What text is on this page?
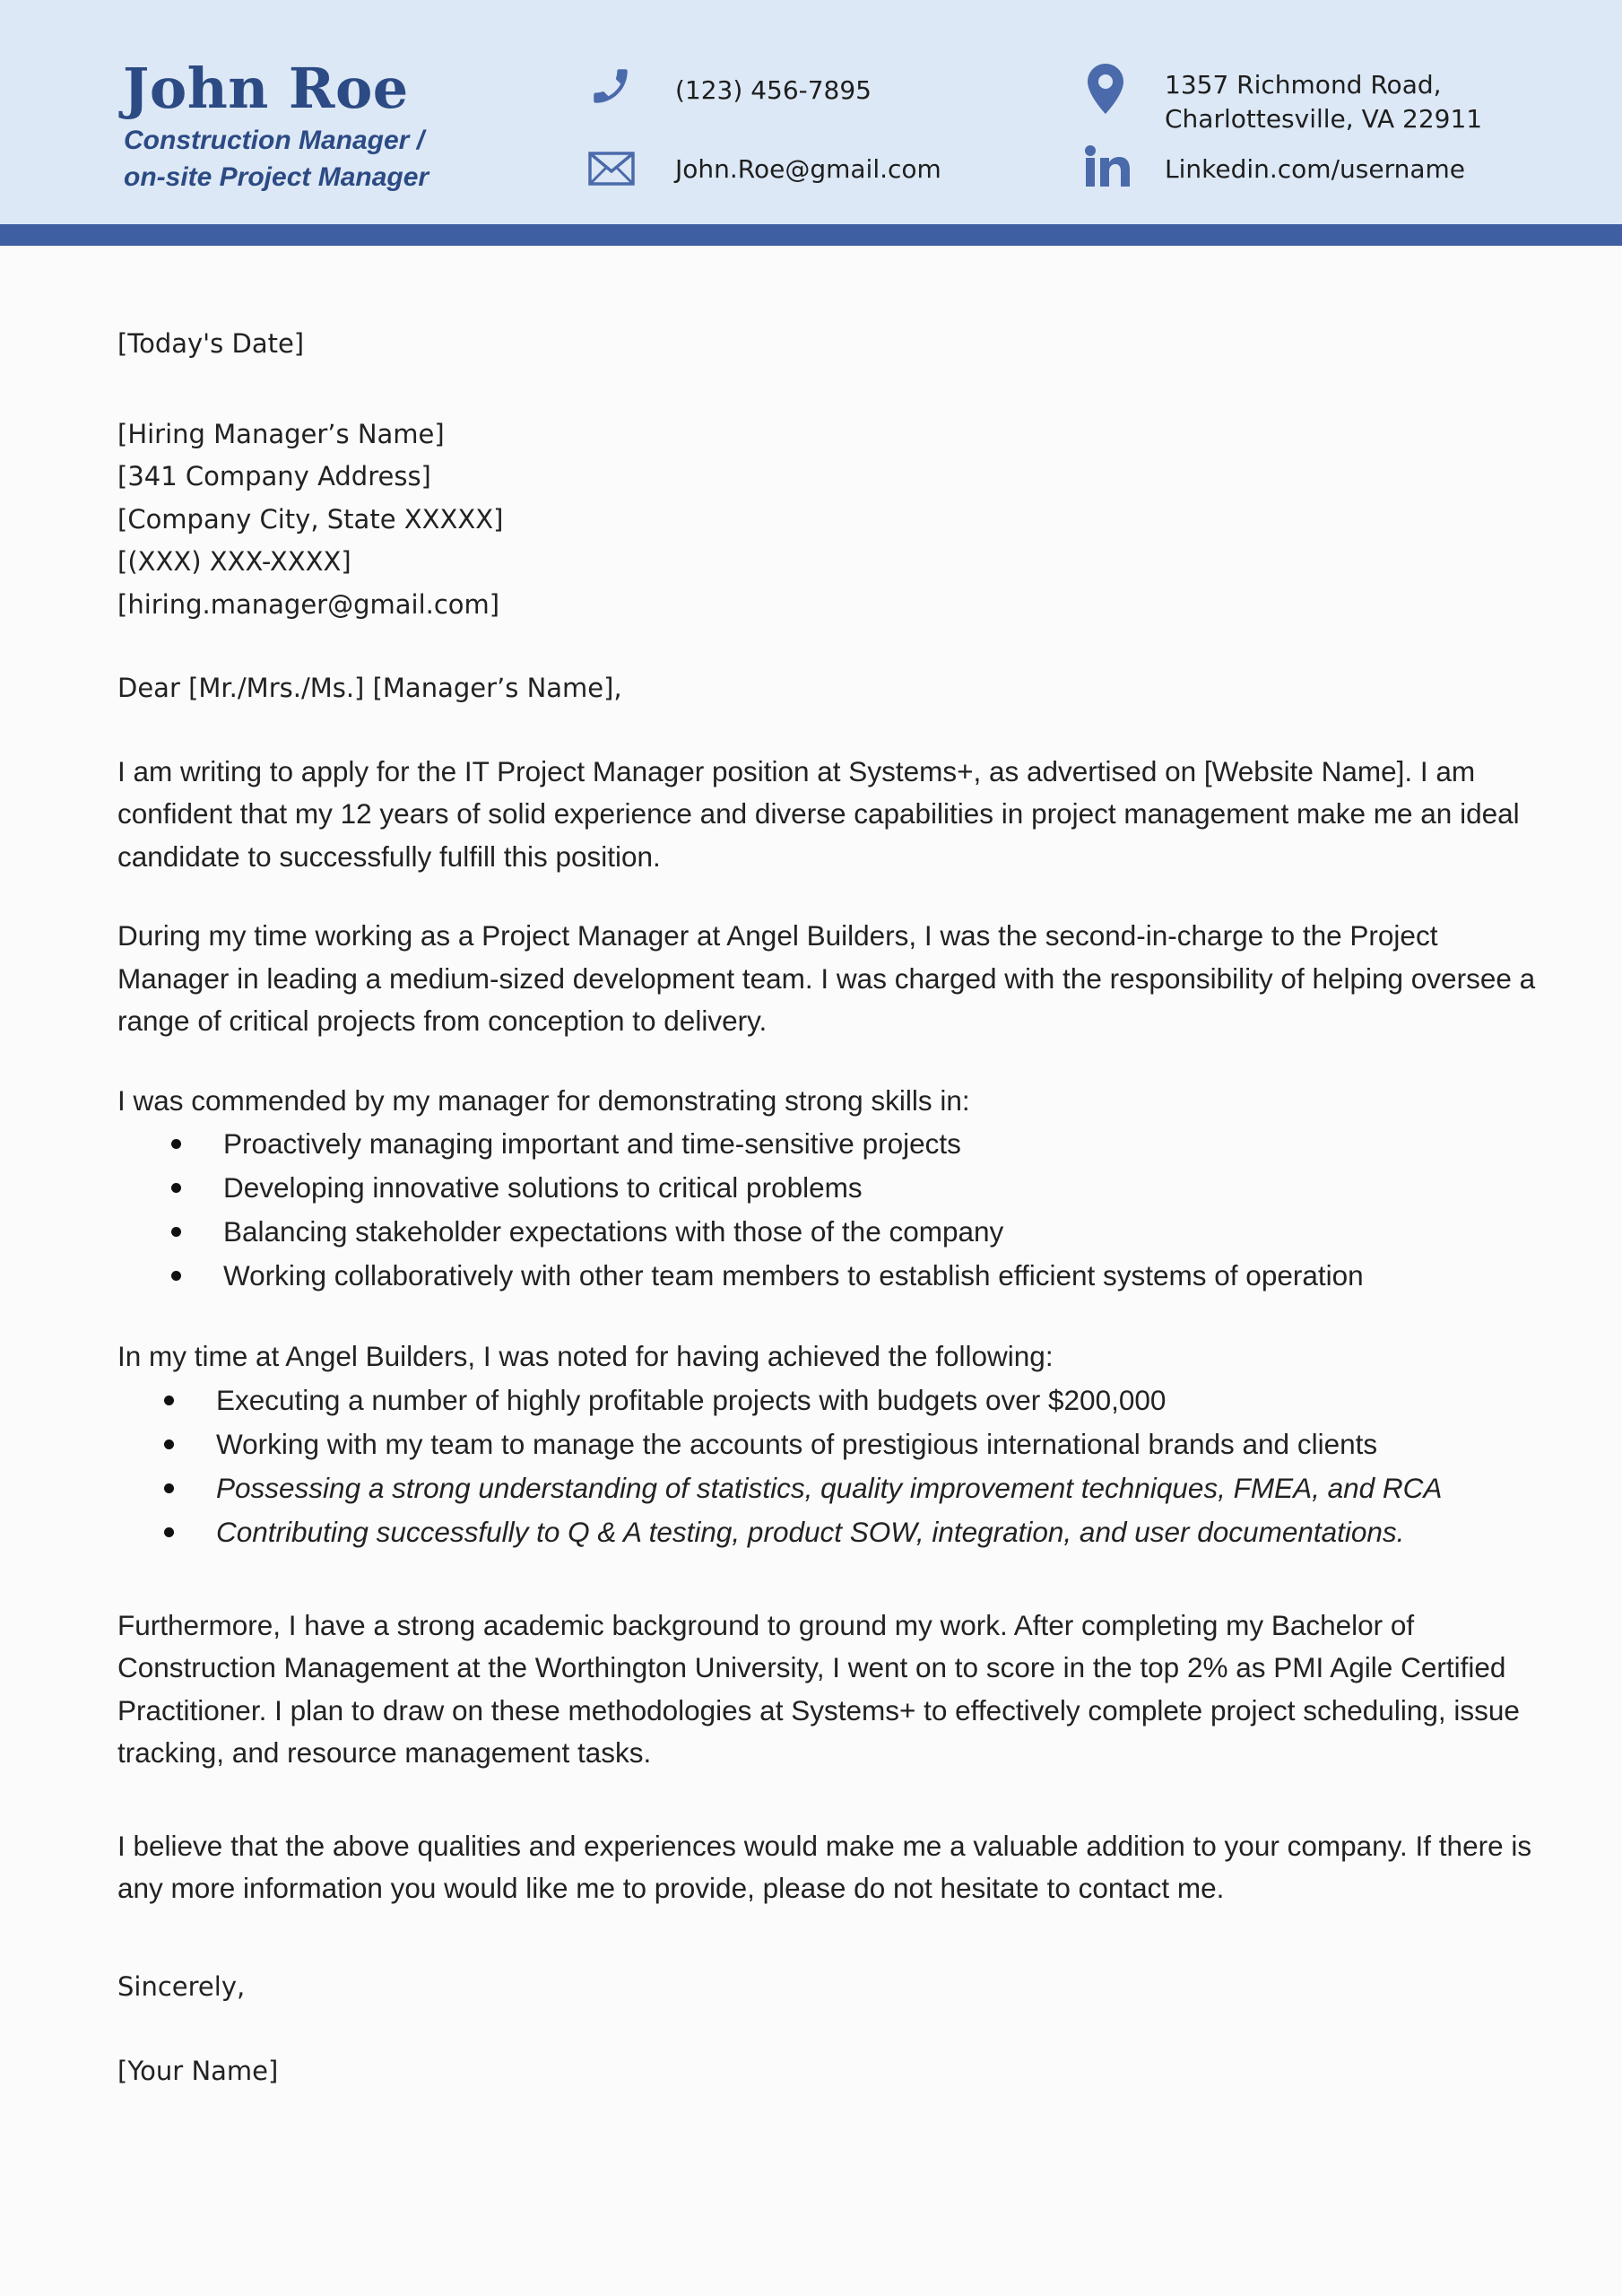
John Roe
Construction Manager /
on-site Project Manager
(123) 456-7895
John.Roe@gmail.com
1357 Richmond Road,
Charlottesville, VA 22911
Linkedin.com/username

[Today's Date]

[Hiring Manager’s Name]
[341 Company Address]
[Company City, State XXXXX]
[(XXX) XXX-XXXX]
[hiring.manager@gmail.com]

Dear [Mr./Mrs./Ms.] [Manager’s Name],

I am writing to apply for the IT Project Manager position at Systems+, as advertised on [Website Name]. I am
confident that my 12 years of solid experience and diverse capabilities in project management make me an ideal
candidate to successfully fulfill this position.
During my time working as a Project Manager at Angel Builders, I was the second-in-charge to the Project
Manager in leading a medium-sized development team. I was charged with the responsibility of helping oversee a
range of critical projects from conception to delivery.
I was commended by my manager for demonstrating strong skills in:
Proactively managing important and time-sensitive projects
Developing innovative solutions to critical problems
Balancing stakeholder expectations with those of the company
Working collaboratively with other team members to establish efficient systems of operation
In my time at Angel Builders, I was noted for having achieved the following:
Executing a number of highly profitable projects with budgets over $200,000
Working with my team to manage the accounts of prestigious international brands and clients
Possessing a strong understanding of statistics, quality improvement techniques, FMEA, and RCA
Contributing successfully to Q & A testing, product SOW, integration, and user documentations.
Furthermore, I have a strong academic background to ground my work. After completing my Bachelor of
Construction Management at the Worthington University, I went on to score in the top 2% as PMI Agile Certified
Practitioner. I plan to draw on these methodologies at Systems+ to effectively complete project scheduling, issue
tracking, and resource management tasks.
I believe that the above qualities and experiences would make me a valuable addition to your company. If there is
any more information you would like me to provide, please do not hesitate to contact me.

Sincerely,

[Your Name]
